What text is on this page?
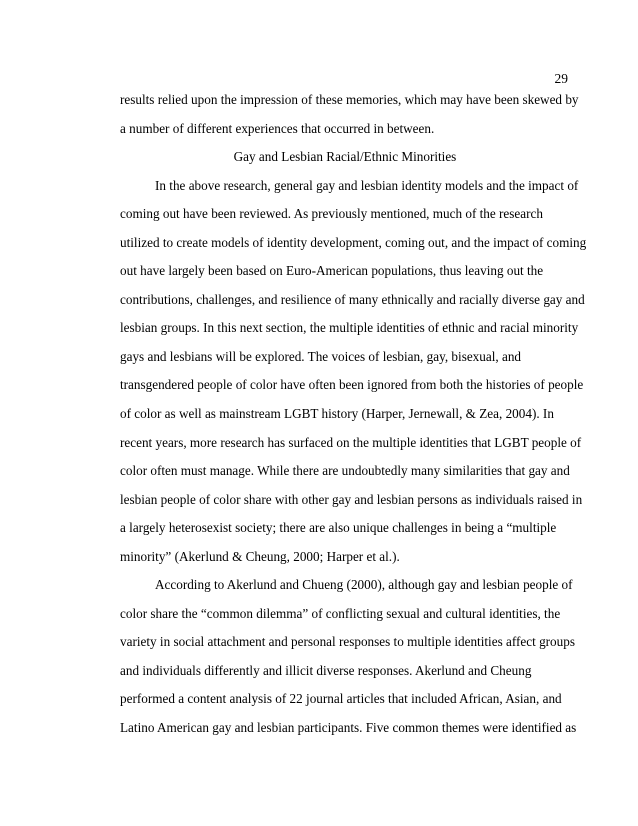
29
results relied upon the impression of these memories, which may have been skewed by
a number of different experiences that occurred in between.
Gay and Lesbian Racial/Ethnic Minorities
In the above research, general gay and lesbian identity models and the impact of
coming out have been reviewed. As previously mentioned, much of the research
utilized to create models of identity development, coming out, and the impact of coming
out have largely been based on Euro-American populations, thus leaving out the
contributions, challenges, and resilience of many ethnically and racially diverse gay and
lesbian groups. In this next section, the multiple identities of ethnic and racial minority
gays and lesbians will be explored. The voices of lesbian, gay, bisexual, and
transgendered people of color have often been ignored from both the histories of people
of color as well as mainstream LGBT history (Harper, Jernewall, & Zea, 2004). In
recent years, more research has surfaced on the multiple identities that LGBT people of
color often must manage. While there are undoubtedly many similarities that gay and
lesbian people of color share with other gay and lesbian persons as individuals raised in
a largely heterosexist society; there are also unique challenges in being a “multiple
minority” (Akerlund & Cheung, 2000; Harper et al.).
According to Akerlund and Chueng (2000), although gay and lesbian people of
color share the “common dilemma” of conflicting sexual and cultural identities, the
variety in social attachment and personal responses to multiple identities affect groups
and individuals differently and illicit diverse responses. Akerlund and Cheung
performed a content analysis of 22 journal articles that included African, Asian, and
Latino American gay and lesbian participants. Five common themes were identified as
